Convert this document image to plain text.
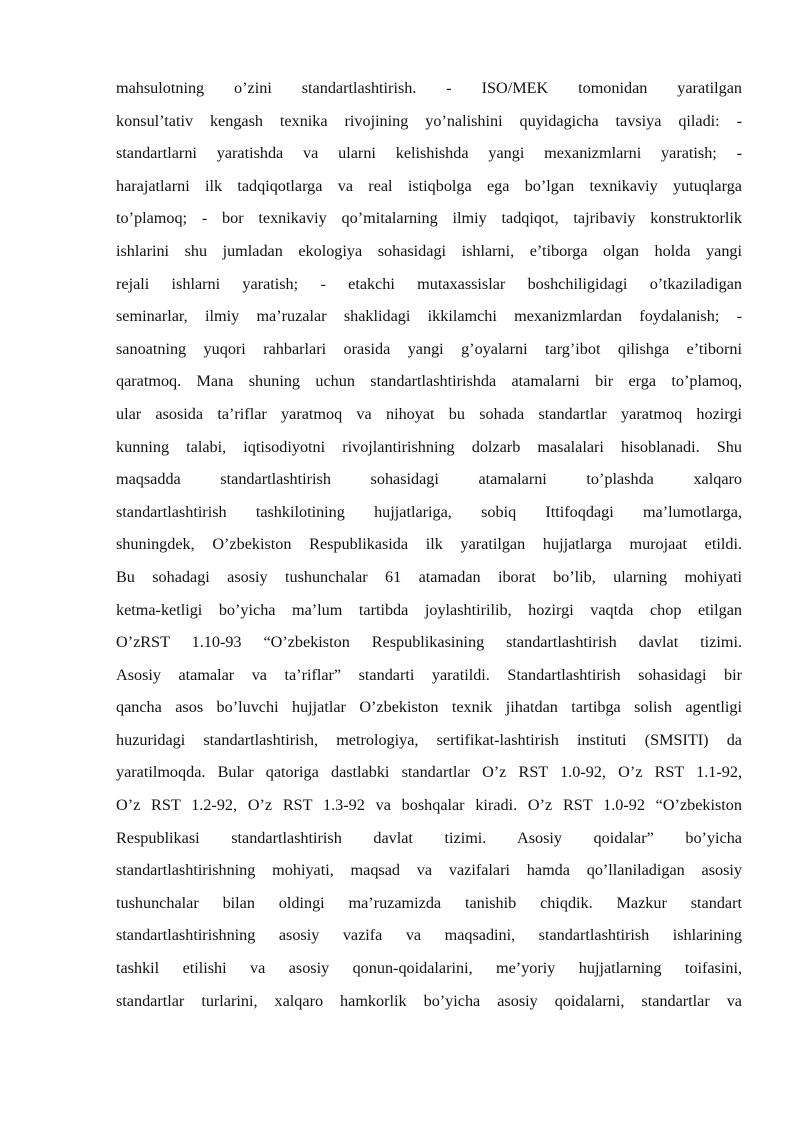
mahsulotning o’zini standartlashtirish. - ISO/MEK tomonidan yaratilgan
konsul’tativ kengash texnika rivojining yo’nalishini quyidagicha tavsiya qiladi: -
standartlarni yaratishda va ularni kelishishda yangi mexanizmlarni yaratish; -
harajatlarni ilk tadqiqotlarga va real istiqbolga ega bo’lgan texnikaviy yutuqlarga
to’plamoq; - bor texnikaviy qo’mitalarning ilmiy tadqiqot, tajribaviy konstruktorlik
ishlarini shu jumladan ekologiya sohasidagi ishlarni, e’tiborga olgan holda yangi
rejali ishlarni yaratish; - etakchi mutaxassislar boshchiligidagi o’tkaziladigan
seminarlar, ilmiy ma’ruzalar shaklidagi ikkilamchi mexanizmlardan foydalanish; -
sanoatning yuqori rahbarlari orasida yangi g’oyalarni targ’ibot qilishga e’tiborni
qaratmoq. Mana shuning uchun standartlashtirishda atamalarni bir erga to’plamoq,
ular asosida ta’riflar yaratmoq va nihoyat bu sohada standartlar yaratmoq hozirgi
kunning talabi, iqtisodiyotni rivojlantirishning dolzarb masalalari hisoblanadi. Shu
maqsadda standartlashtirish sohasidagi atamalarni to’plashda xalqaro
standartlashtirish tashkilotining hujjatlariga, sobiq Ittifoqdagi ma’lumotlarga,
shuningdek, O’zbekiston Respublikasida ilk yaratilgan hujjatlarga murojaat etildi.
Bu sohadagi asosiy tushunchalar 61 atamadan iborat bo’lib, ularning mohiyati
ketma-ketligi bo’yicha ma’lum tartibda joylashtirilib, hozirgi vaqtda chop etilgan
O’zRST 1.10-93 “O’zbekiston Respublikasining standartlashtirish davlat tizimi.
Asosiy atamalar va ta’riflar” standarti yaratildi. Standartlashtirish sohasidagi bir
qancha asos bo’luvchi hujjatlar O’zbekiston texnik jihatdan tartibga solish agentligi
huzuridagi standartlashtirish, metrologiya, sertifikat-lashtirish instituti (SMSITI) da
yaratilmoqda. Bular qatoriga dastlabki standartlar O’z RST 1.0-92, O’z RST 1.1-92,
O’z RST 1.2-92, O’z RST 1.3-92 va boshqalar kiradi. O’z RST 1.0-92 “O’zbekiston
Respublikasi standartlashtirish davlat tizimi. Asosiy qoidalar” bo’yicha
standartlashtirishning mohiyati, maqsad va vazifalari hamda qo’llaniladigan asosiy
tushunchalar bilan oldingi ma’ruzamizda tanishib chiqdik. Mazkur standart
standartlashtirishning asosiy vazifa va maqsadini, standartlashtirish ishlarining
tashkil etilishi va asosiy qonun-qoidalarini, me’yoriy hujjatlarning toifasini,
standartlar turlarini, xalqaro hamkorlik bo’yicha asosiy qoidalarni, standartlar va
